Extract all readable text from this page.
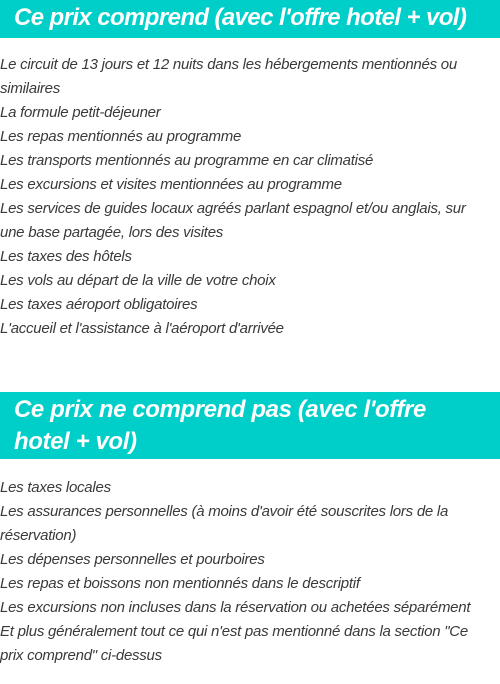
Ce prix comprend (avec l'offre hotel + vol)
Le circuit de 13 jours et 12 nuits dans les hébergements mentionnés ou similaires
La formule petit-déjeuner
Les repas mentionnés au programme
Les transports mentionnés au programme en car climatisé
Les excursions et visites mentionnées au programme
Les services de guides locaux agréés parlant espagnol et/ou anglais, sur une base partagée, lors des visites
Les taxes des hôtels
Les vols au départ de la ville de votre choix
Les taxes aéroport obligatoires
L'accueil et l'assistance à l'aéroport d'arrivée
Ce prix ne comprend pas (avec l'offre hotel + vol)
Les taxes locales
Les assurances personnelles (à moins d'avoir été souscrites lors de la réservation)
Les dépenses personnelles et pourboires
Les repas et boissons non mentionnés dans le descriptif
Les excursions non incluses dans la réservation ou achetées séparément
Et plus généralement tout ce qui n'est pas mentionné dans la section "Ce prix comprend" ci-dessus
